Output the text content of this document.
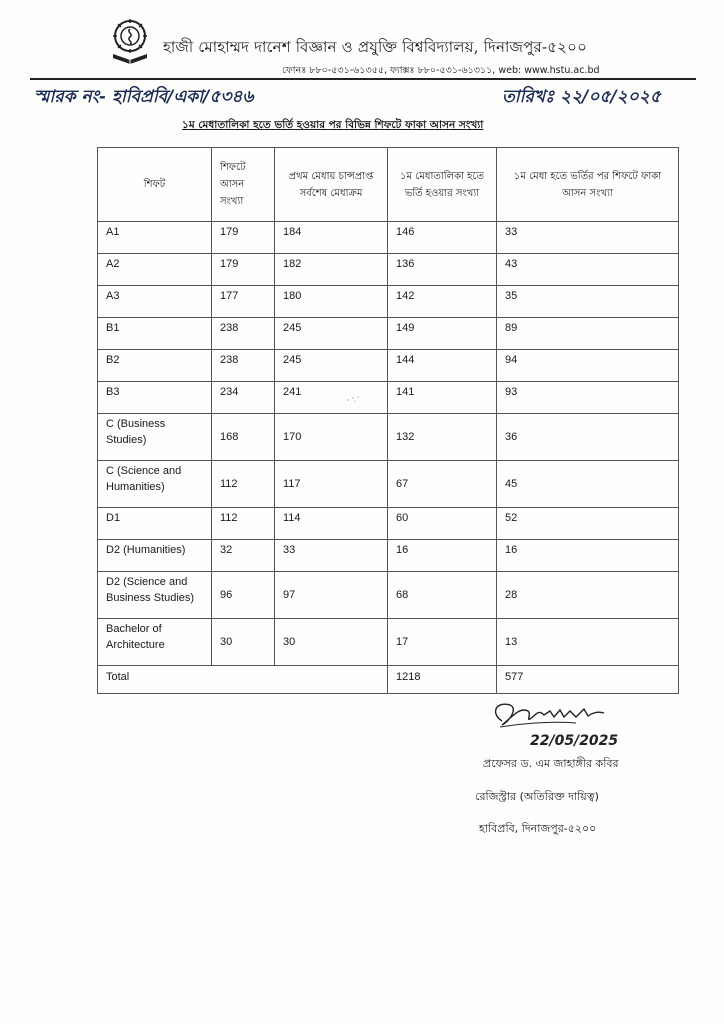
হাজী মোহাম্মদ দানেশ বিজ্ঞান ও প্রযুক্তি বিশ্ববিদ্যালয়, দিনাজপুর-৫২০০
ফোনঃ ৮৮০-৫৩১-৬১৩৫৫, ফ্যাক্সঃ ৮৮০-৫৩১-৬১৩১১, web: www.hstu.ac.bd
স্মারক নং- হাবিপ্রবি/একা/৫৩৪৬	তারিখঃ ২২/০৫/২০২৫
১ম মেধাতালিকা হতে ভর্তি হওয়ার পর বিভিন্ন শিফটে ফাকা আসন সংখ্যা
শিফট	শিফটে আসন সংখ্যা	প্রথম মেধায় চান্সপ্রাপ্ত সর্বশেষ মেধাক্রম	১ম মেধাতালিকা হতে ভর্তি হওয়ার সংখ্যা	১ম মেধা হতে ভর্তির পর শিফটে ফাকা আসন সংখ্যা
A1	179	184	146	33
A2	179	182	136	43
A3	177	180	142	35
B1	238	245	149	89
B2	238	245	144	94
B3	234	241	141	93
C (Business Studies)	168	170	132	36
C (Science and Humanities)	112	117	67	45
D1	112	114	60	52
D2 (Humanities)	32	33	16	16
D2 (Science and Business Studies)	96	97	68	28
Bachelor of Architecture	30	30	17	13
Total			1218	577
22/05/2025
প্রফেসর ড. এম জাহাঙ্গীর কবির
রেজিস্ট্রার (অতিরিক্ত দায়িত্ব)
হাবিপ্রবি, দিনাজপুর-৫২০০
